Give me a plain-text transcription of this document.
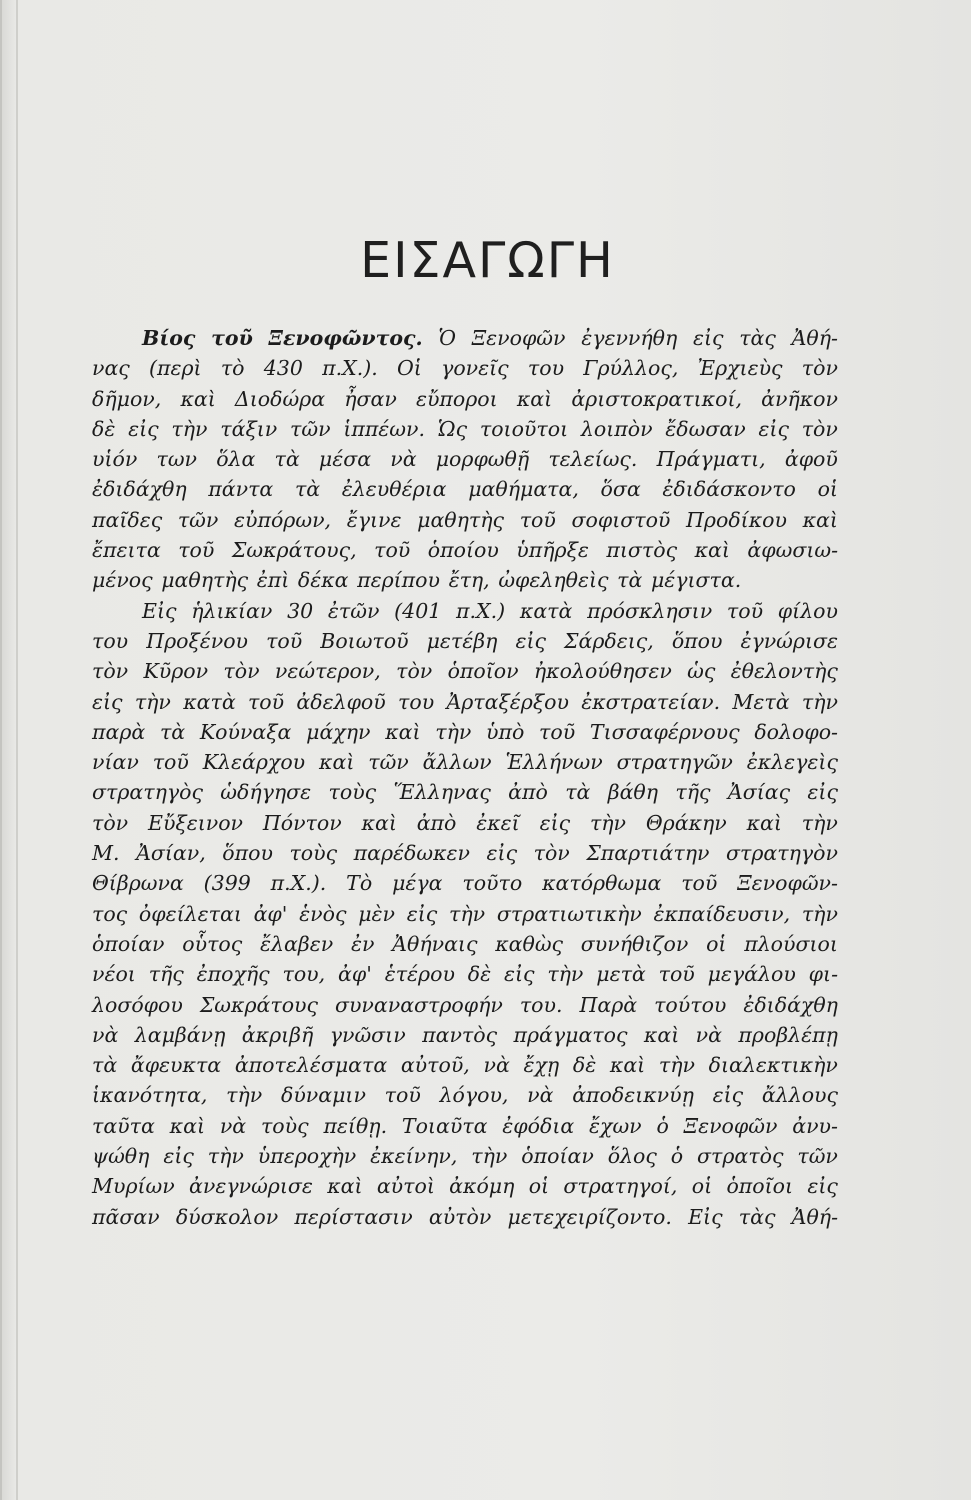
ΕΙΣΑΓΩΓΗ
Βίος τοῦ Ξενοφῶντος. Ὁ Ξενοφῶν ἐγεννήθη εἰς τὰς Ἀθή-
νας (περὶ τὸ 430 π.Χ.). Οἱ γονεῖς του Γρύλλος, Ἐρχιεὺς τὸν
δῆμον, καὶ Διοδώρα ἦσαν εὔποροι καὶ ἀριστοκρατικοί, ἀνῆκον
δὲ εἰς τὴν τάξιν τῶν ἱππέων. Ὡς τοιοῦτοι λοιπὸν ἔδωσαν εἰς τὸν
υἱόν των ὅλα τὰ μέσα νὰ μορφωθῇ τελείως. Πράγματι, ἀφοῦ
ἐδιδάχθη πάντα τὰ ἐλευθέρια μαθήματα, ὅσα ἐδιδάσκοντο οἱ
παῖδες τῶν εὐπόρων, ἔγινε μαθητὴς τοῦ σοφιστοῦ Προδίκου καὶ
ἔπειτα τοῦ Σωκράτους, τοῦ ὁποίου ὑπῆρξε πιστὸς καὶ ἀφωσιω-
μένος μαθητὴς ἐπὶ δέκα περίπου ἔτη, ὠφεληθεὶς τὰ μέγιστα.
Εἰς ἡλικίαν 30 ἐτῶν (401 π.Χ.) κατὰ πρόσκλησιν τοῦ φίλου
του Προξένου τοῦ Βοιωτοῦ μετέβη εἰς Σάρδεις, ὅπου ἐγνώρισε
τὸν Κῦρον τὸν νεώτερον, τὸν ὁποῖον ἠκολούθησεν ὡς ἐθελοντὴς
εἰς τὴν κατὰ τοῦ ἀδελφοῦ του Ἀρταξέρξου ἐκστρατείαν. Μετὰ τὴν
παρὰ τὰ Κούναξα μάχην καὶ τὴν ὑπὸ τοῦ Τισσαφέρνους δολοφο-
νίαν τοῦ Κλεάρχου καὶ τῶν ἄλλων Ἑλλήνων στρατηγῶν ἐκλεγεὶς
στρατηγὸς ὡδήγησε τοὺς Ἕλληνας ἀπὸ τὰ βάθη τῆς Ἀσίας εἰς
τὸν Εὔξεινον Πόντον καὶ ἀπὸ ἐκεῖ εἰς τὴν Θράκην καὶ τὴν
Μ. Ἀσίαν, ὅπου τοὺς παρέδωκεν εἰς τὸν Σπαρτιάτην στρατηγὸν
Θίβρωνα (399 π.Χ.). Τὸ μέγα τοῦτο κατόρθωμα τοῦ Ξενοφῶν-
τος ὀφείλεται ἀφ' ἑνὸς μὲν εἰς τὴν στρατιωτικὴν ἐκπαίδευσιν, τὴν
ὁποίαν οὗτος ἔλαβεν ἐν Ἀθήναις καθὼς συνήθιζον οἱ πλούσιοι
νέοι τῆς ἐποχῆς του, ἀφ' ἑτέρου δὲ εἰς τὴν μετὰ τοῦ μεγάλου φι-
λοσόφου Σωκράτους συναναστροφήν του. Παρὰ τούτου ἐδιδάχθη
νὰ λαμβάνῃ ἀκριβῆ γνῶσιν παντὸς πράγματος καὶ νὰ προβλέπῃ
τὰ ἄφευκτα ἀποτελέσματα αὐτοῦ, νὰ ἔχῃ δὲ καὶ τὴν διαλεκτικὴν
ἱκανότητα, τὴν δύναμιν τοῦ λόγου, νὰ ἀποδεικνύῃ εἰς ἄλλους
ταῦτα καὶ νὰ τοὺς πείθῃ. Τοιαῦτα ἐφόδια ἔχων ὁ Ξενοφῶν ἀνυ-
ψώθη εἰς τὴν ὑπεροχὴν ἐκείνην, τὴν ὁποίαν ὅλος ὁ στρατὸς τῶν
Μυρίων ἀνεγνώρισε καὶ αὐτοὶ ἀκόμη οἱ στρατηγοί, οἱ ὁποῖοι εἰς
πᾶσαν δύσκολον περίστασιν αὐτὸν μετεχειρίζοντο. Εἰς τὰς Ἀθή-
